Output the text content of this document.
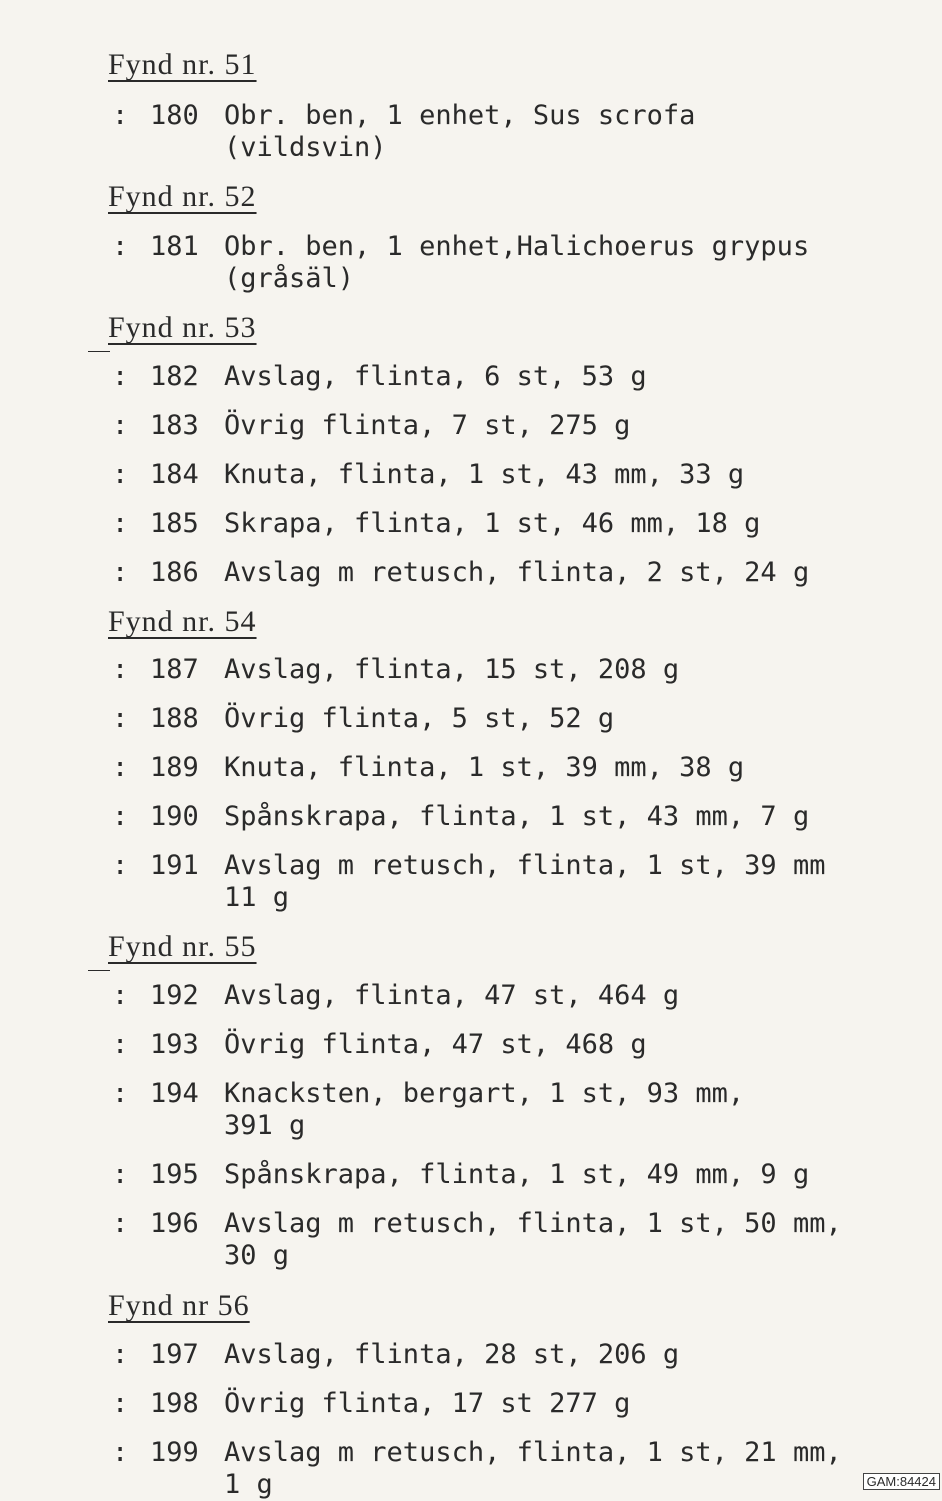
Fynd nr. 51
: 180 Obr. ben, 1 enhet, Sus scrofa
(vildsvin)
Fynd nr. 52
: 181 Obr. ben, 1 enhet,Halichoerus grypus
(gråsäl)
Fynd nr. 53
: 182 Avslag, flinta, 6 st, 53 g
: 183 Övrig flinta, 7 st, 275 g
: 184 Knuta, flinta, 1 st, 43 mm, 33 g
: 185 Skrapa, flinta, 1 st, 46 mm, 18 g
: 186 Avslag m retusch, flinta, 2 st, 24 g
Fynd nr. 54
: 187 Avslag, flinta, 15 st, 208 g
: 188 Övrig flinta, 5 st, 52 g
: 189 Knuta, flinta, 1 st, 39 mm, 38 g
: 190 Spånskrapa, flinta, 1 st, 43 mm, 7 g
: 191 Avslag m retusch, flinta, 1 st, 39 mm
11 g
Fynd nr. 55
: 192 Avslag, flinta, 47 st, 464 g
: 193 Övrig flinta, 47 st, 468 g
: 194 Knacksten, bergart, 1 st, 93 mm,
391 g
: 195 Spånskrapa, flinta, 1 st, 49 mm, 9 g
: 196 Avslag m retusch, flinta, 1 st, 50 mm,
30 g
Fynd nr 56
: 197 Avslag, flinta, 28 st, 206 g
: 198 Övrig flinta, 17 st 277 g
: 199 Avslag m retusch, flinta, 1 st, 21 mm,
1 g	GAM:84424
